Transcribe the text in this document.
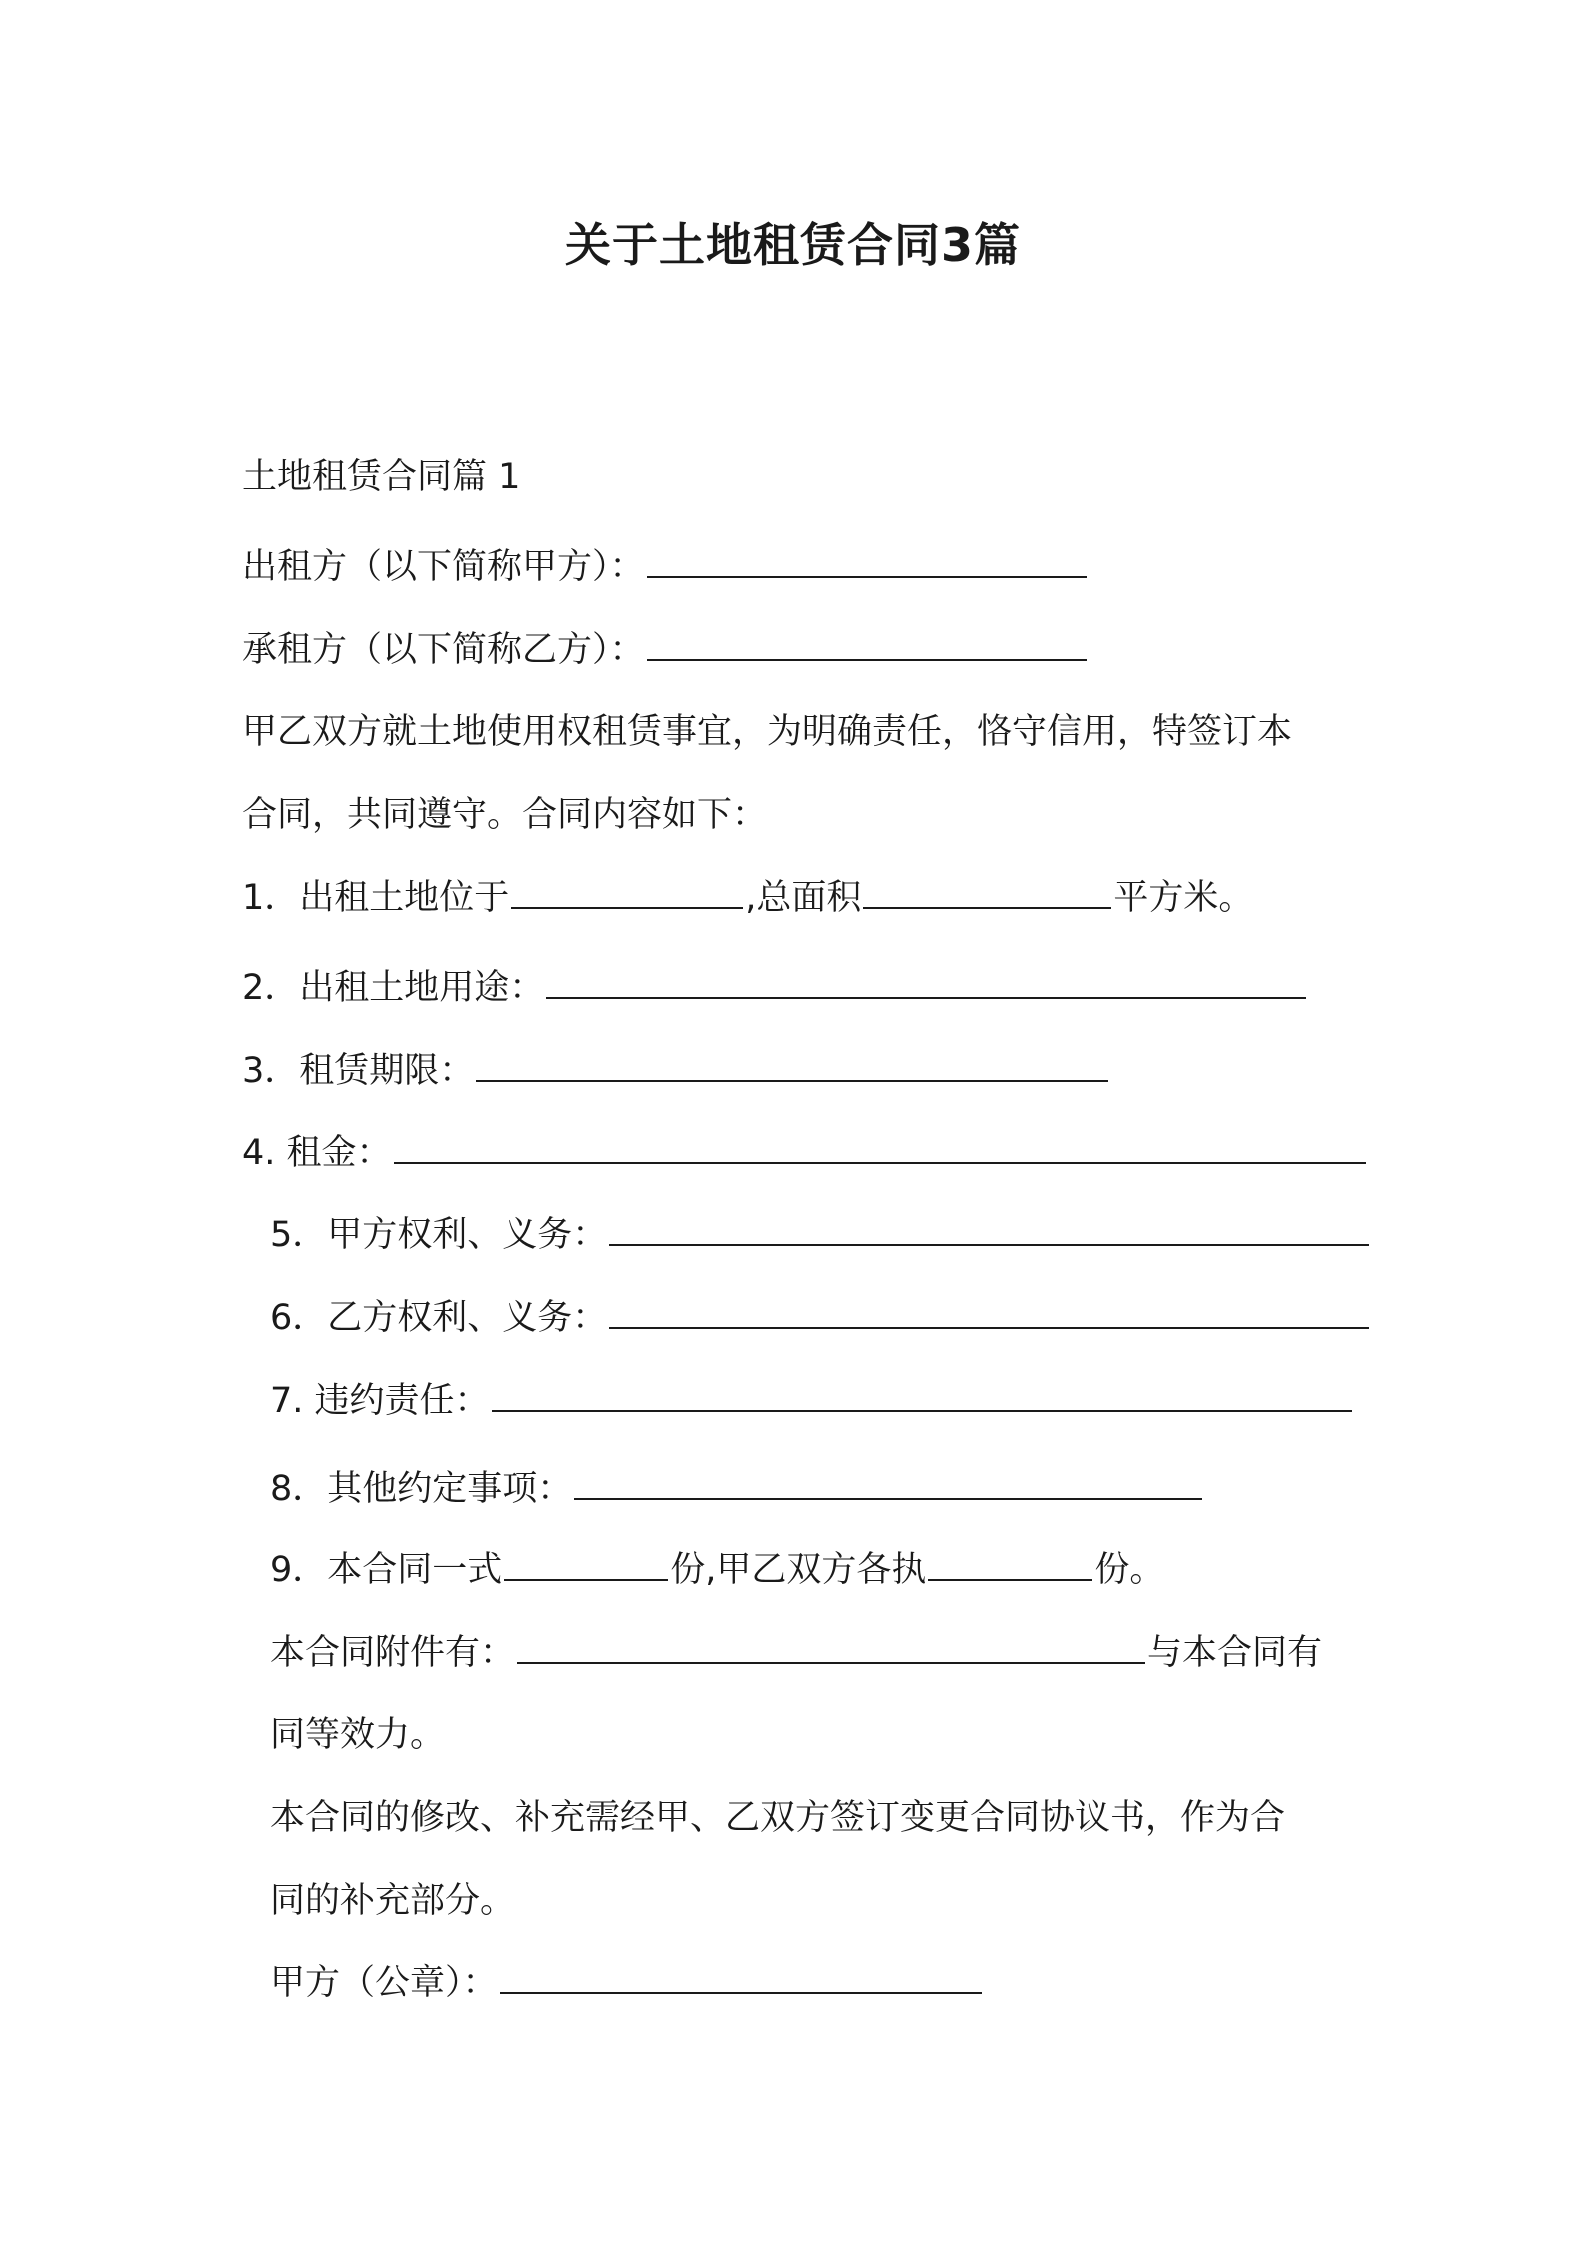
关于土地租赁合同3篇

土地租赁合同篇 1

出租方（以下简称甲方）：

承租方（以下简称乙方）：

甲乙双方就土地使用权租赁事宜，为明确责任，恪守信用，特签订本

合同，共同遵守。合同内容如下：

1．出租土地位于	,总面积	平方米。

2．出租土地用途：

3．租赁期限：

4. 租金：

5．甲方权利、义务：

6．乙方权利、义务：

7. 违约责任：

8．其他约定事项：

9．本合同一式	份,甲乙双方各执	份。

本合同附件有：	与本合同有

同等效力。

本合同的修改、补充需经甲、乙双方签订变更合同协议书，作为合

同的补充部分。

甲方（公章）：
